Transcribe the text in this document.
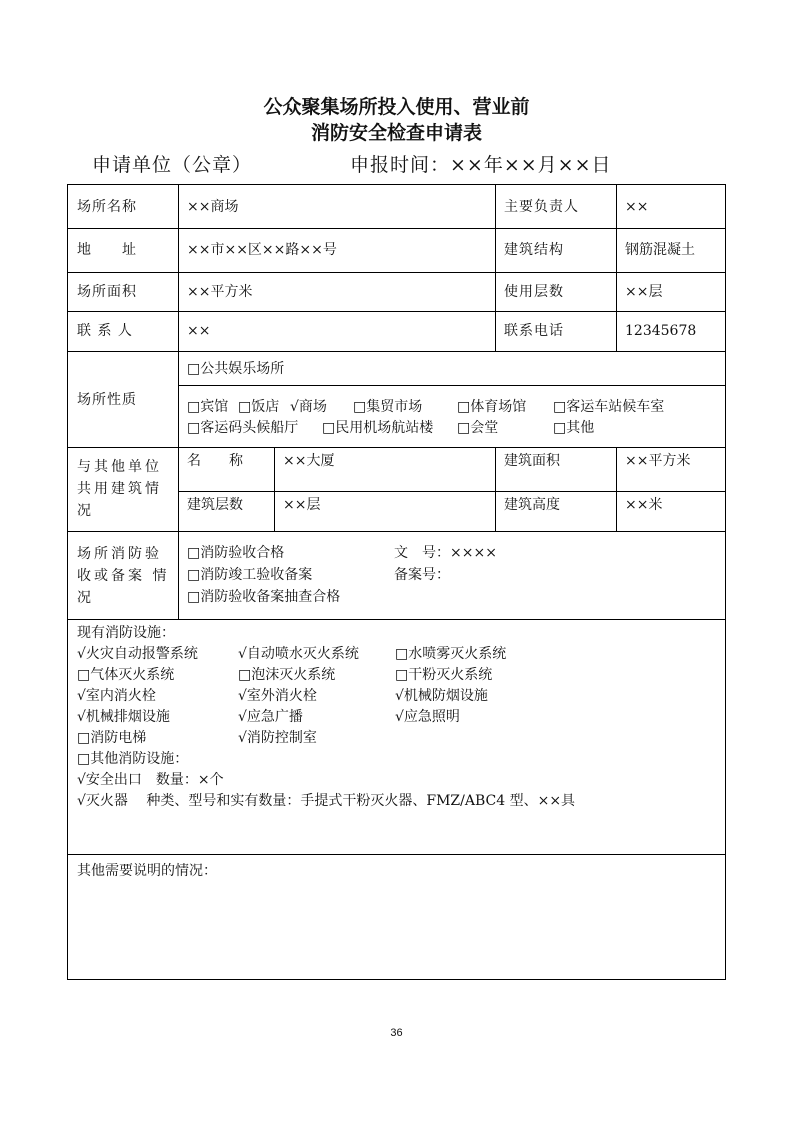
公众聚集场所投入使用、营业前
消防安全检查申请表
申请单位（公章）	申报时间：××年××月××日
场所名称	××商场	主要负责人	××
地　　址	××市××区××路××号	建筑结构	钢筋混凝土
场所面积	××平方米	使用层数	××层
联 系 人	××	联系电话	12345678
场所性质
□公共娱乐场所
□宾馆 □饭店 √商场 □集贸市场 □体育场馆 □客运车站候车室
□客运码头候船厅 □民用机场航站楼 □会堂	□其他
与其他单位
共用建筑情
况
名　　称	××大厦	建筑面积	××平方米
建筑层数	××层	建筑高度	××米
场所消防验
收或备案 情
况
□消防验收合格	文　号：××××
□消防竣工验收备案	备案号：
□消防验收备案抽查合格
现有消防设施：
√火灾自动报警系统	√自动喷水灭火系统	□水喷雾灭火系统
□气体灭火系统	□泡沫灭火系统	□干粉灭火系统
√室内消火栓	√室外消火栓	√机械防烟设施
√机械排烟设施	√应急广播	√应急照明
□消防电梯	√消防控制室
□其他消防设施：
√安全出口　数量：×个
√灭火器　 种类、型号和实有数量：手提式干粉灭火器、FMZ/ABC4 型、××具
其他需要说明的情况：
36
